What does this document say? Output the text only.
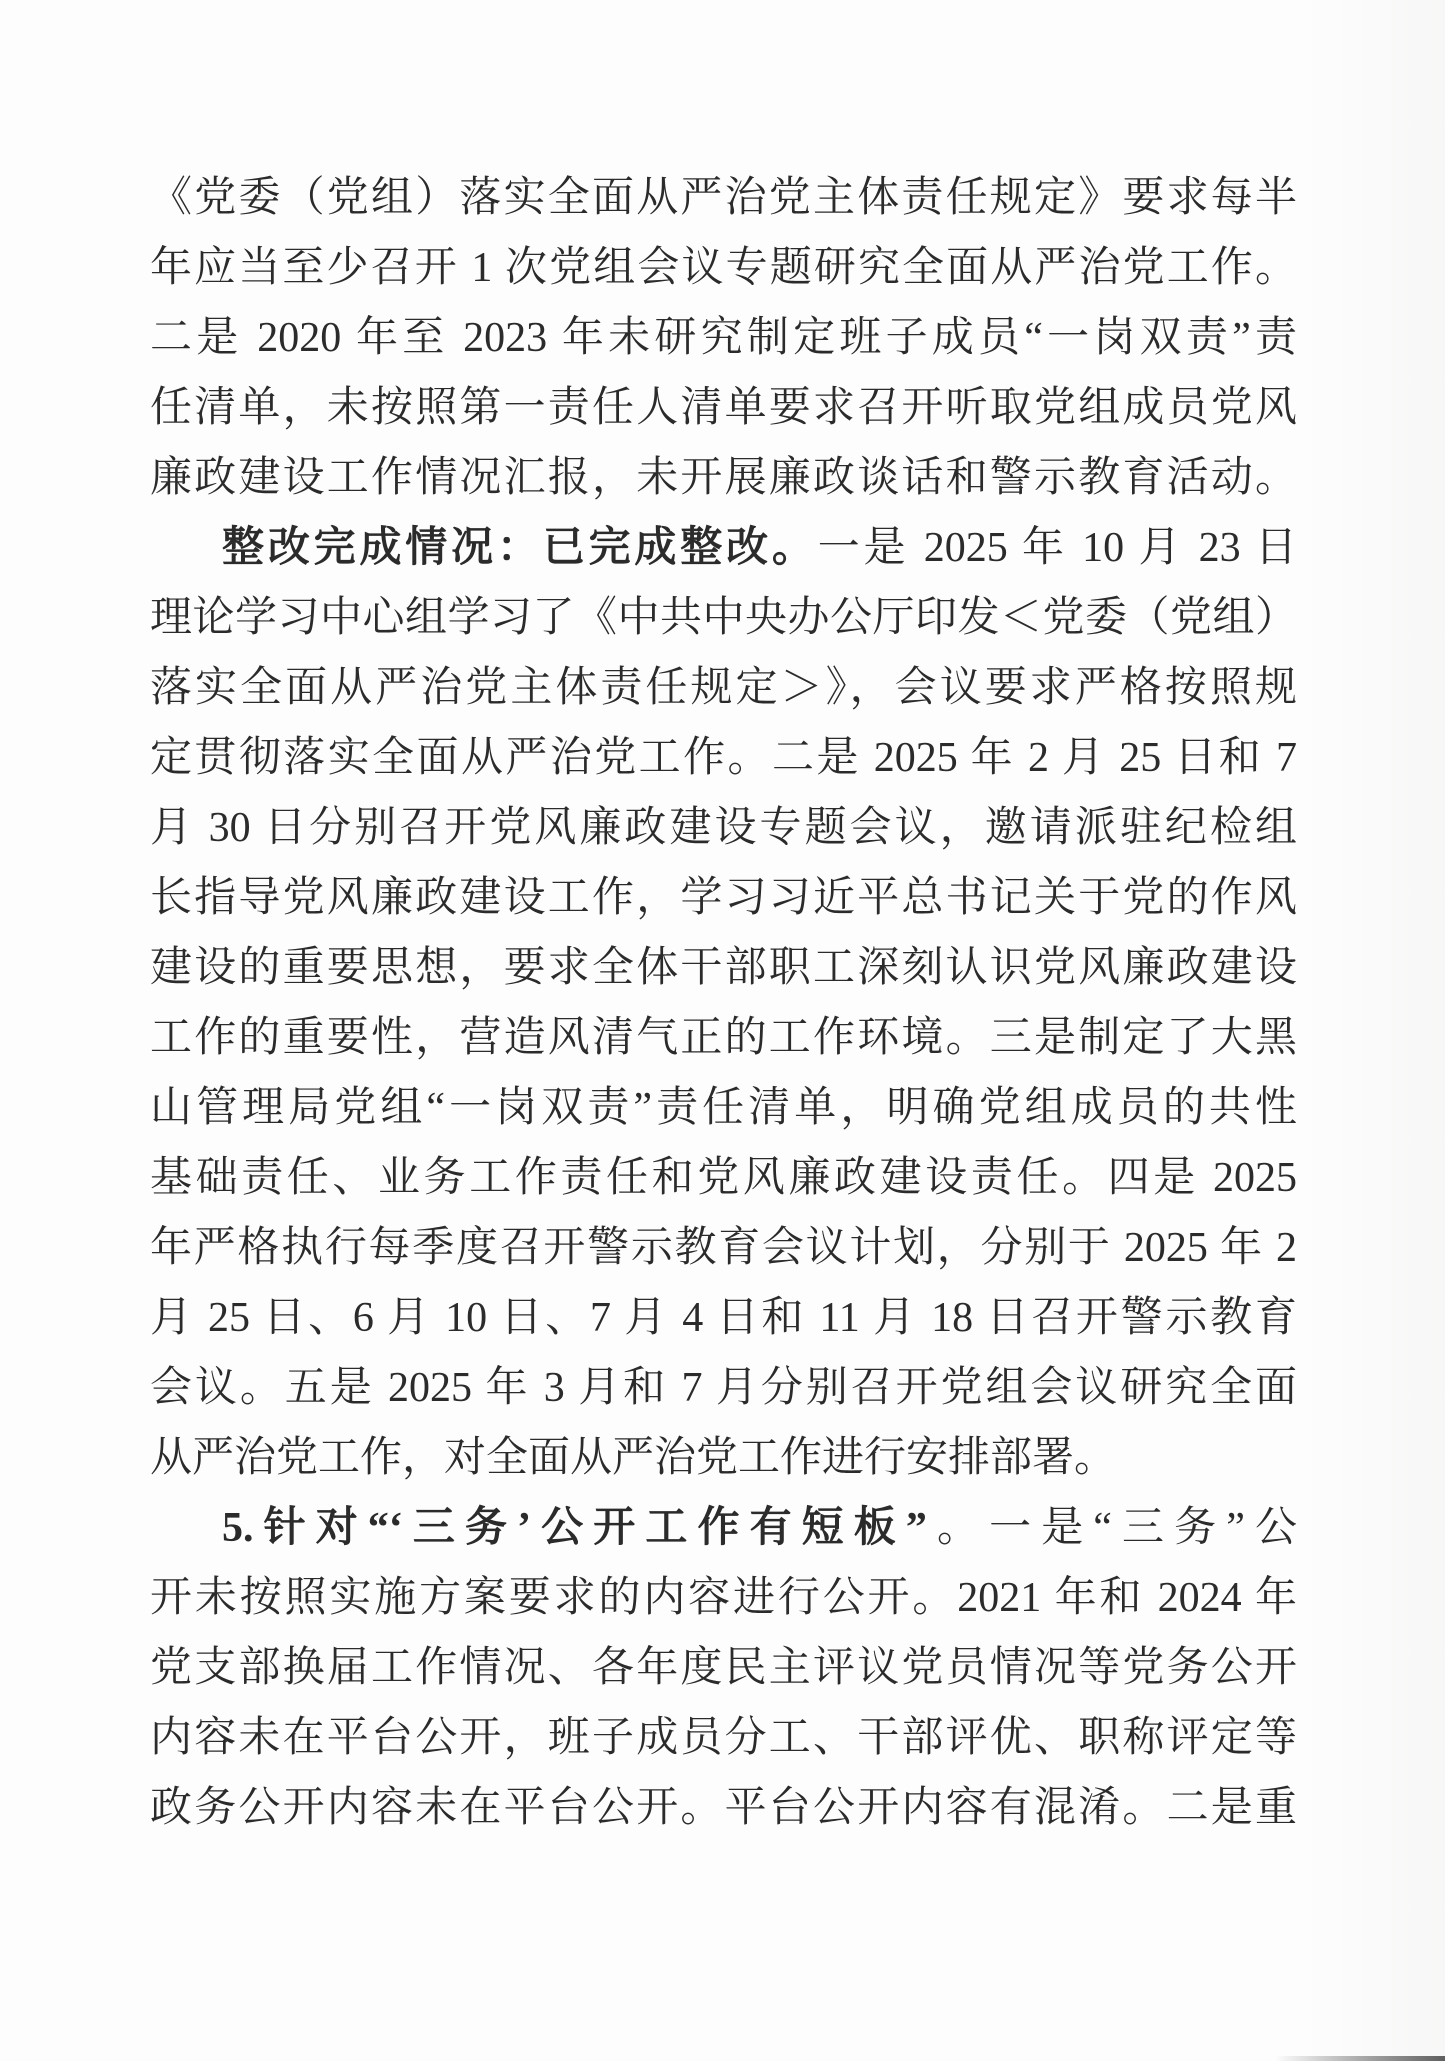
《党委（党组）落实全面从严治党主体责任规定》要求每半
年应当至少召开 1 次党组会议专题研究全面从严治党工作。
二是 2020 年至 2023 年未研究制定班子成员“一岗双责”责
任清单，未按照第一责任人清单要求召开听取党组成员党风
廉政建设工作情况汇报，未开展廉政谈话和警示教育活动。
整改完成情况：已完成整改。一是 2025 年 10 月 23 日
理论学习中心组学习了《中共中央办公厅印发＜党委（党组）
落实全面从严治党主体责任规定＞》，会议要求严格按照规
定贯彻落实全面从严治党工作。二是 2025 年 2 月 25 日和 7
月 30 日分别召开党风廉政建设专题会议，邀请派驻纪检组
长指导党风廉政建设工作，学习习近平总书记关于党的作风
建设的重要思想，要求全体干部职工深刻认识党风廉政建设
工作的重要性，营造风清气正的工作环境。三是制定了大黑
山管理局党组“一岗双责”责任清单，明确党组成员的共性
基础责任、业务工作责任和党风廉政建设责任。四是 2025
年严格执行每季度召开警示教育会议计划，分别于 2025 年 2
月 25 日、6 月 10 日、7 月 4 日和 11 月 18 日召开警示教育
会议。五是 2025 年 3 月和 7 月分别召开党组会议研究全面
从严治党工作，对全面从严治党工作进行安排部署。
5.针对“‘三务’公开工作有短板”。一是“三务”公
开未按照实施方案要求的内容进行公开。2021 年和 2024 年
党支部换届工作情况、各年度民主评议党员情况等党务公开
内容未在平台公开，班子成员分工、干部评优、职称评定等
政务公开内容未在平台公开。平台公开内容有混淆。二是重
